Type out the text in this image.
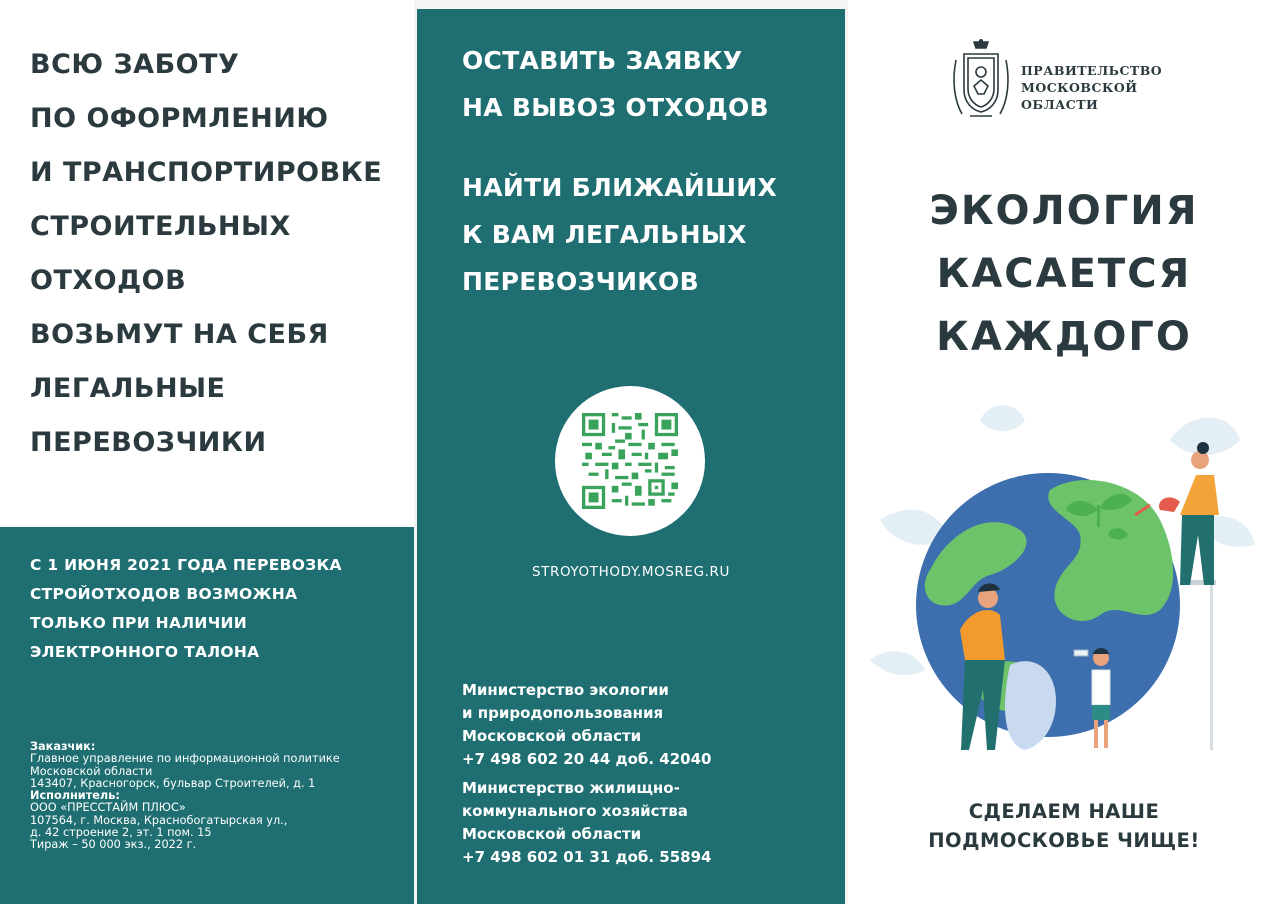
ВСЮ ЗАБОТУ
ПО ОФОРМЛЕНИЮ
И ТРАНСПОРТИРОВКЕ
СТРОИТЕЛЬНЫХ
ОТХОДОВ
ВОЗЬМУТ НА СЕБЯ
ЛЕГАЛЬНЫЕ
ПЕРЕВОЗЧИКИ
С 1 ИЮНЯ 2021 ГОДА ПЕРЕВОЗКА
СТРОЙОТХОДОВ ВОЗМОЖНА
ТОЛЬКО ПРИ НАЛИЧИИ
ЭЛЕКТРОННОГО ТАЛОНА
Заказчик:
Главное управление по информационной политике
Московской области
143407, Красногорск, бульвар Строителей, д. 1
Исполнитель:
ООО «ПРЕССТАЙМ ПЛЮС»
107564, г. Москва, Краснобогатырская ул.,
д. 42 строение 2, эт. 1 пом. 15
Тираж – 50 000 экз., 2022 г.
ОСТАВИТЬ ЗАЯВКУ
НА ВЫВОЗ ОТХОДОВ
НАЙТИ БЛИЖАЙШИХ
К ВАМ ЛЕГАЛЬНЫХ
ПЕРЕВОЗЧИКОВ
STROYOTHODY.MOSREG.RU
Министерство экологии
и природопользования
Московской области
+7 498 602 20 44 доб. 42040
Министерство жилищно-
коммунального хозяйства
Московской области
+7 498 602 01 31 доб. 55894
ПРАВИТЕЛЬСТВО
МОСКОВСКОЙ
ОБЛАСТИ
ЭКОЛОГИЯ
КАСАЕТСЯ
КАЖДОГО
СДЕЛАЕМ НАШЕ
ПОДМОСКОВЬЕ ЧИЩЕ!
